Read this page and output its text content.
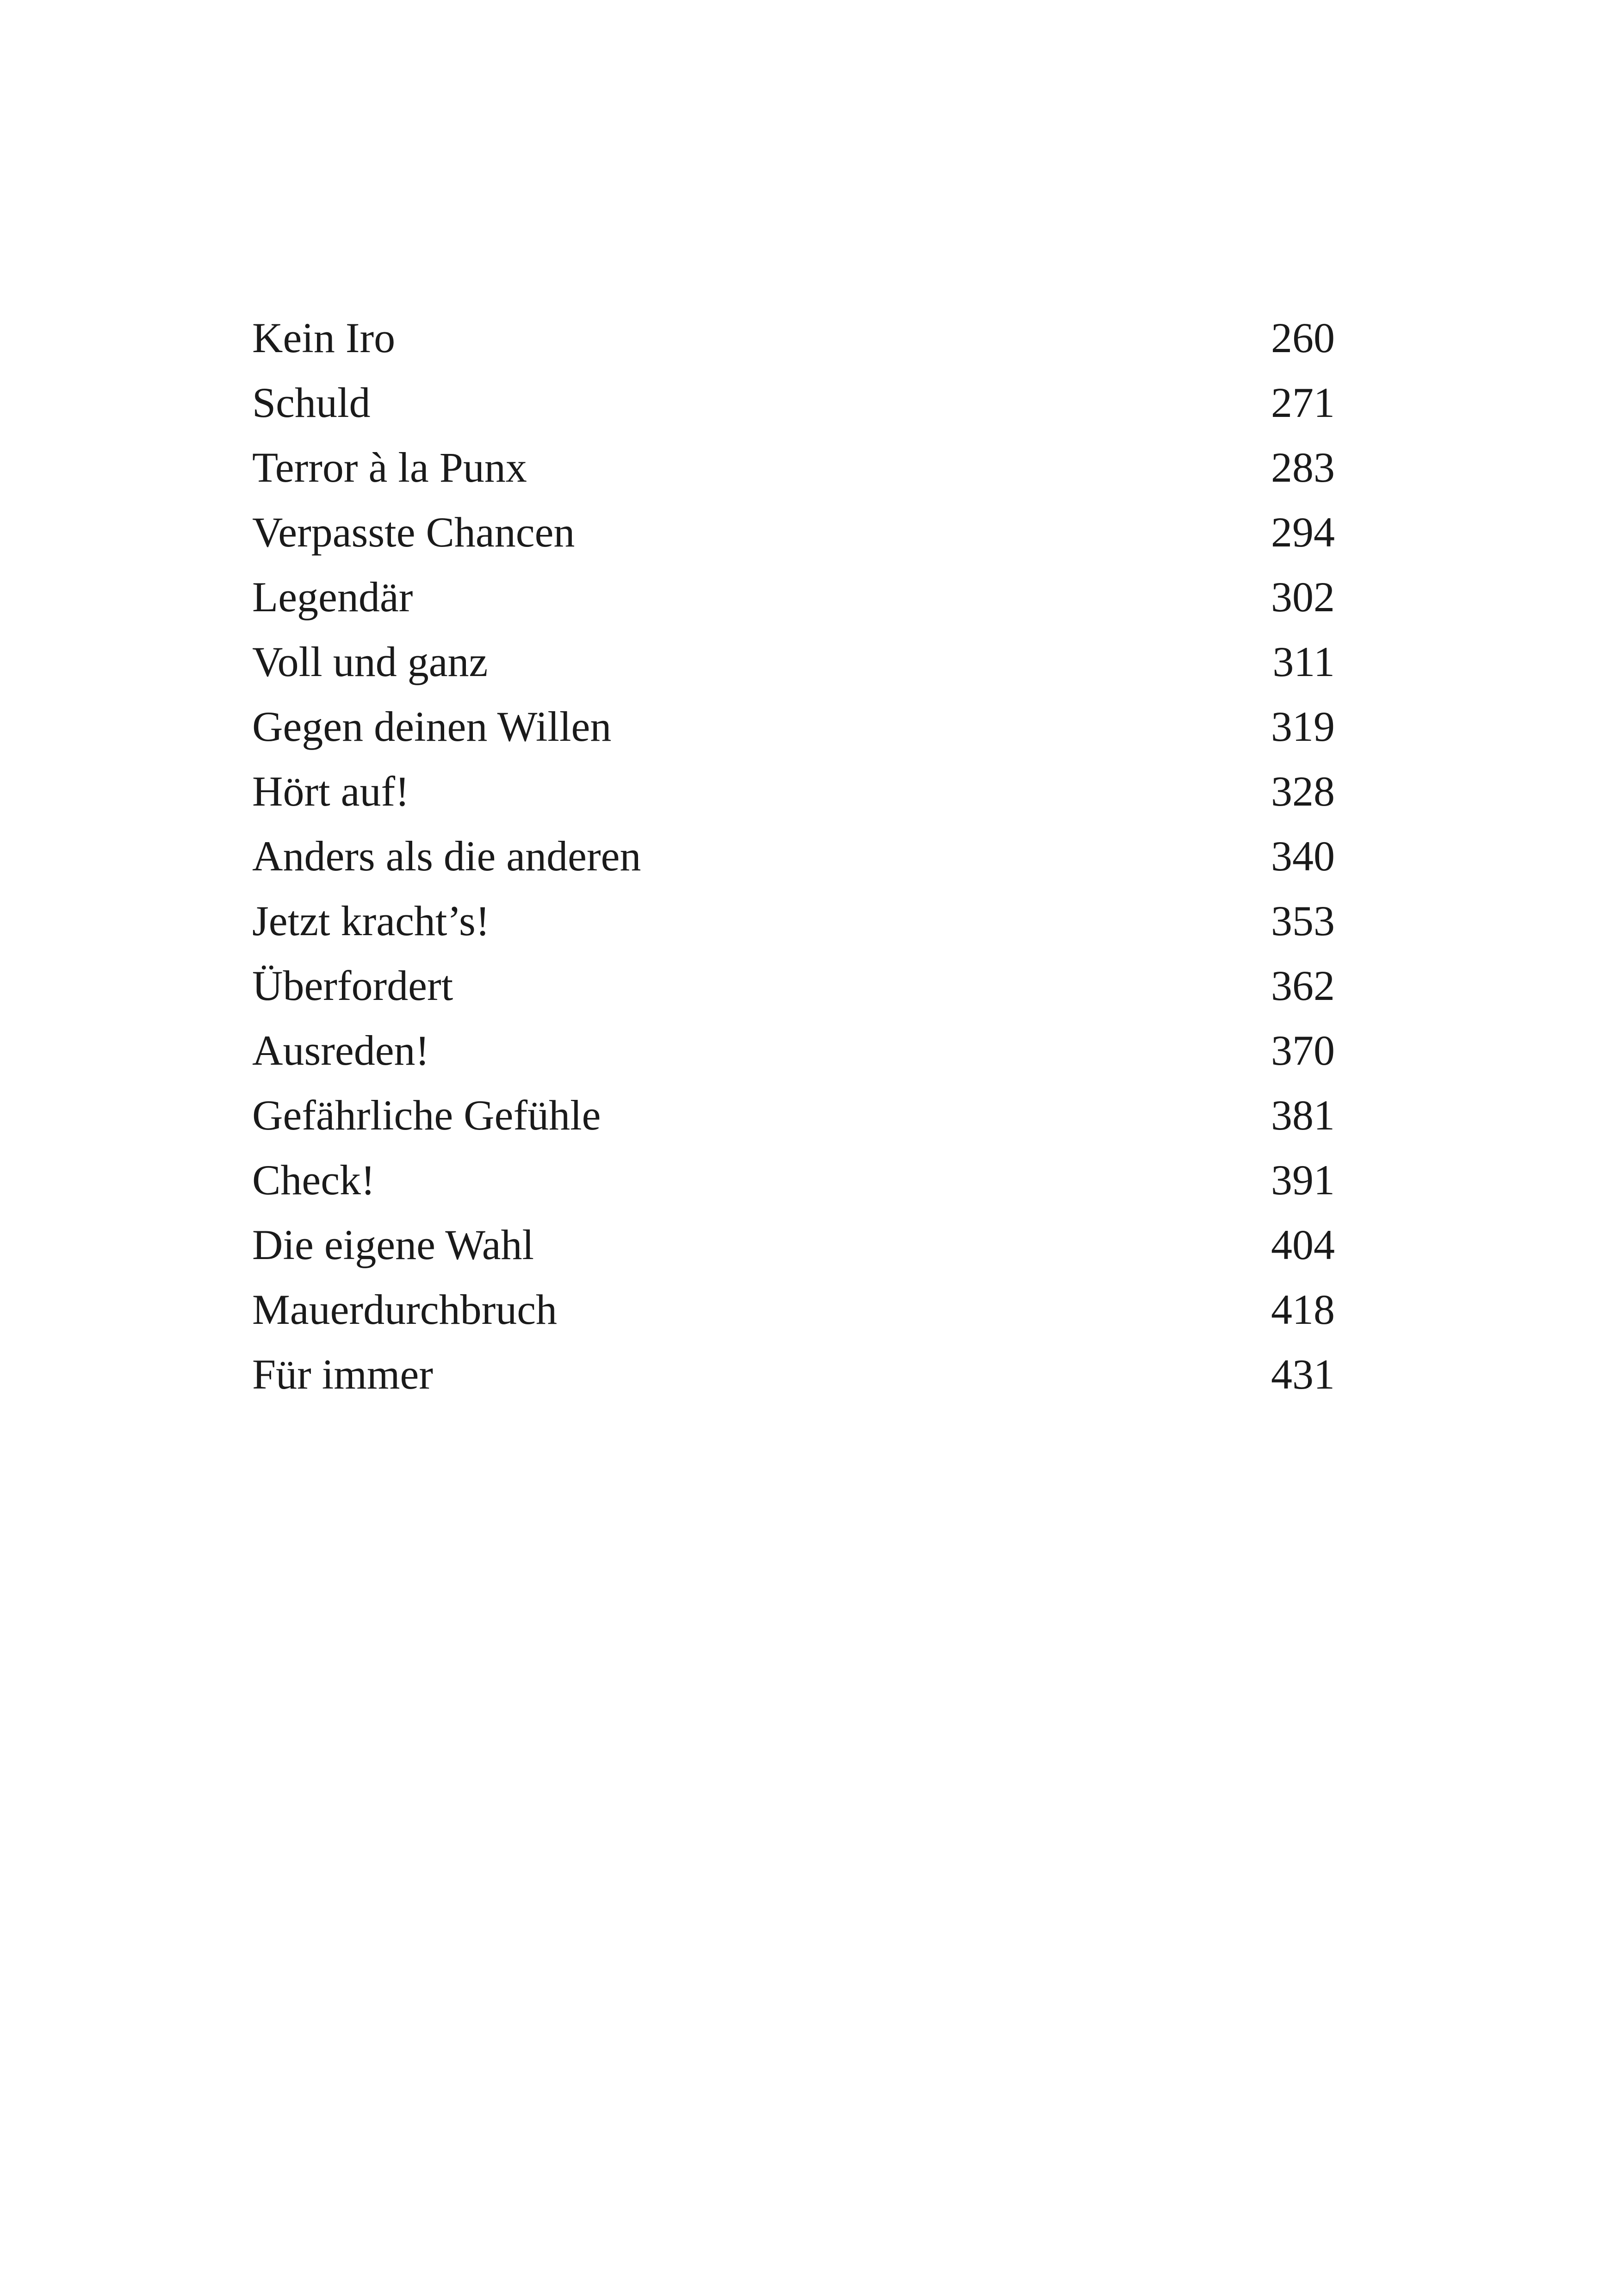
Kein Iro	260
Schuld	271
Terror à la Punx	283
Verpasste Chancen	294
Legendär	302
Voll und ganz	311
Gegen deinen Willen	319
Hört auf!	328
Anders als die anderen	340
Jetzt kracht’s!	353
Überfordert	362
Ausreden!	370
Gefährliche Gefühle	381
Check!	391
Die eigene Wahl	404
Mauerdurchbruch	418
Für immer	431
